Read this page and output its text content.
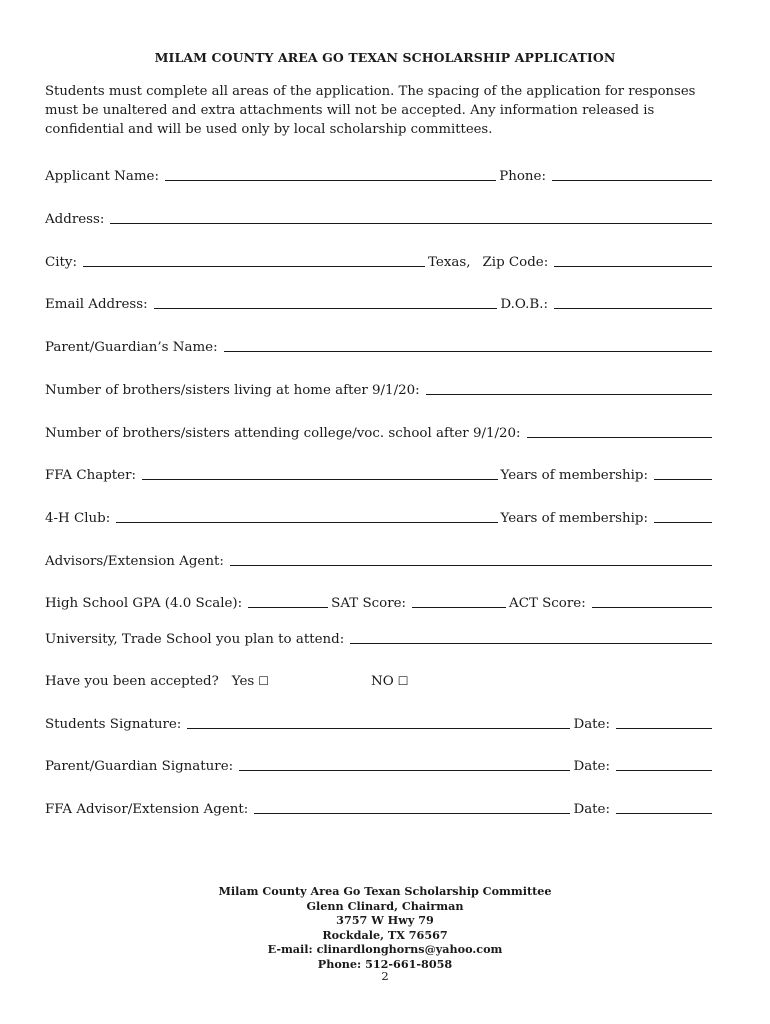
MILAM COUNTY AREA GO TEXAN SCHOLARSHIP APPLICATION
Students must complete all areas of the application. The spacing of the application for responses
must be unaltered and extra attachments will not be accepted. Any information released is
confidential and will be used only by local scholarship committees.
Applicant Name:	Phone:
Address:
City:	Texas, Zip Code:
Email Address:	D.O.B.:
Parent/Guardian’s Name:
Number of brothers/sisters living at home after 9/1/20:
Number of brothers/sisters attending college/voc. school after 9/1/20:
FFA Chapter:	Years of membership:
4-H Club:	Years of membership:
Advisors/Extension Agent:
High School GPA (4.0 Scale):	SAT Score:	ACT Score:
University, Trade School you plan to attend:
Have you been accepted? Yes ☐	NO ☐
Students Signature:	Date:
Parent/Guardian Signature:	Date:
FFA Advisor/Extension Agent:	Date:
Milam County Area Go Texan Scholarship Committee
Glenn Clinard, Chairman
3757 W Hwy 79
Rockdale, TX 76567
E-mail: clinardlonghorns@yahoo.com
Phone: 512-661-8058
2
